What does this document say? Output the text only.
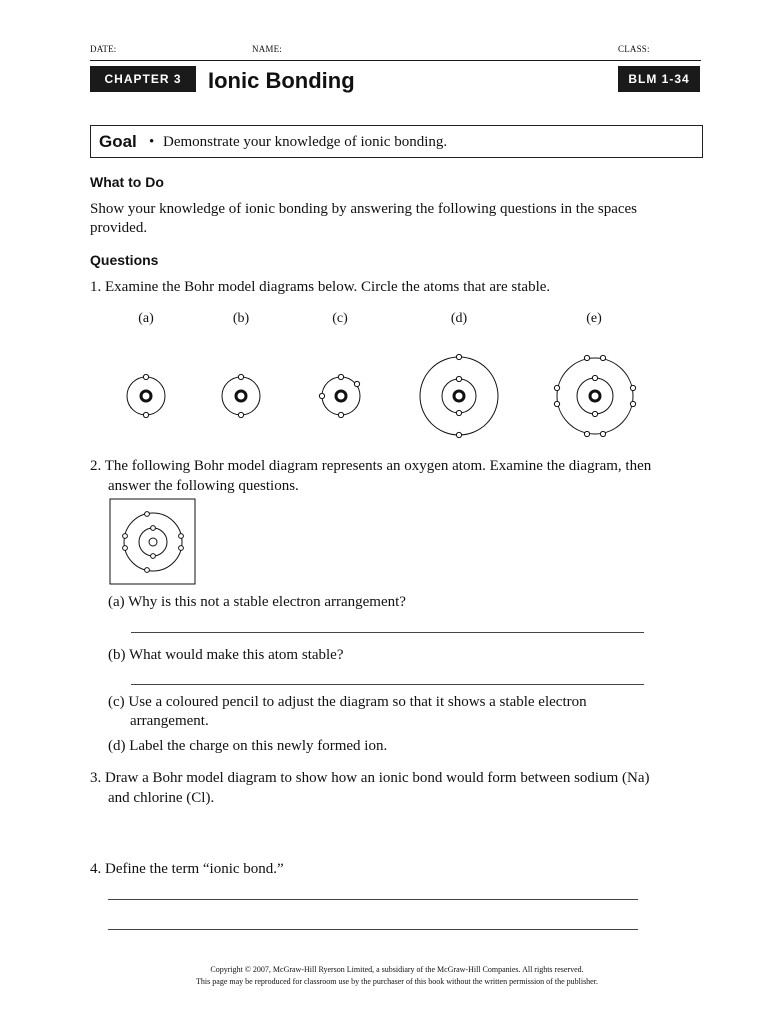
DATE:	NAME:	CLASS:
CHAPTER 3	Ionic Bonding	BLM 1-34
Goal • Demonstrate your knowledge of ionic bonding.
What to Do
Show your knowledge of ionic bonding by answering the following questions in the spaces
provided.
Questions
1. Examine the Bohr model diagrams below. Circle the atoms that are stable.
(a)	(b)	(c)	(d)	(e)
2. The following Bohr model diagram represents an oxygen atom. Examine the diagram, then
answer the following questions.
(a) Why is this not a stable electron arrangement?
(b) What would make this atom stable?
(c) Use a coloured pencil to adjust the diagram so that it shows a stable electron
arrangement.
(d) Label the charge on this newly formed ion.
3. Draw a Bohr model diagram to show how an ionic bond would form between sodium (Na)
and chlorine (Cl).
4. Define the term “ionic bond.”
Copyright © 2007, McGraw-Hill Ryerson Limited, a subsidiary of the McGraw-Hill Companies. All rights reserved.
This page may be reproduced for classroom use by the purchaser of this book without the written permission of the publisher.
